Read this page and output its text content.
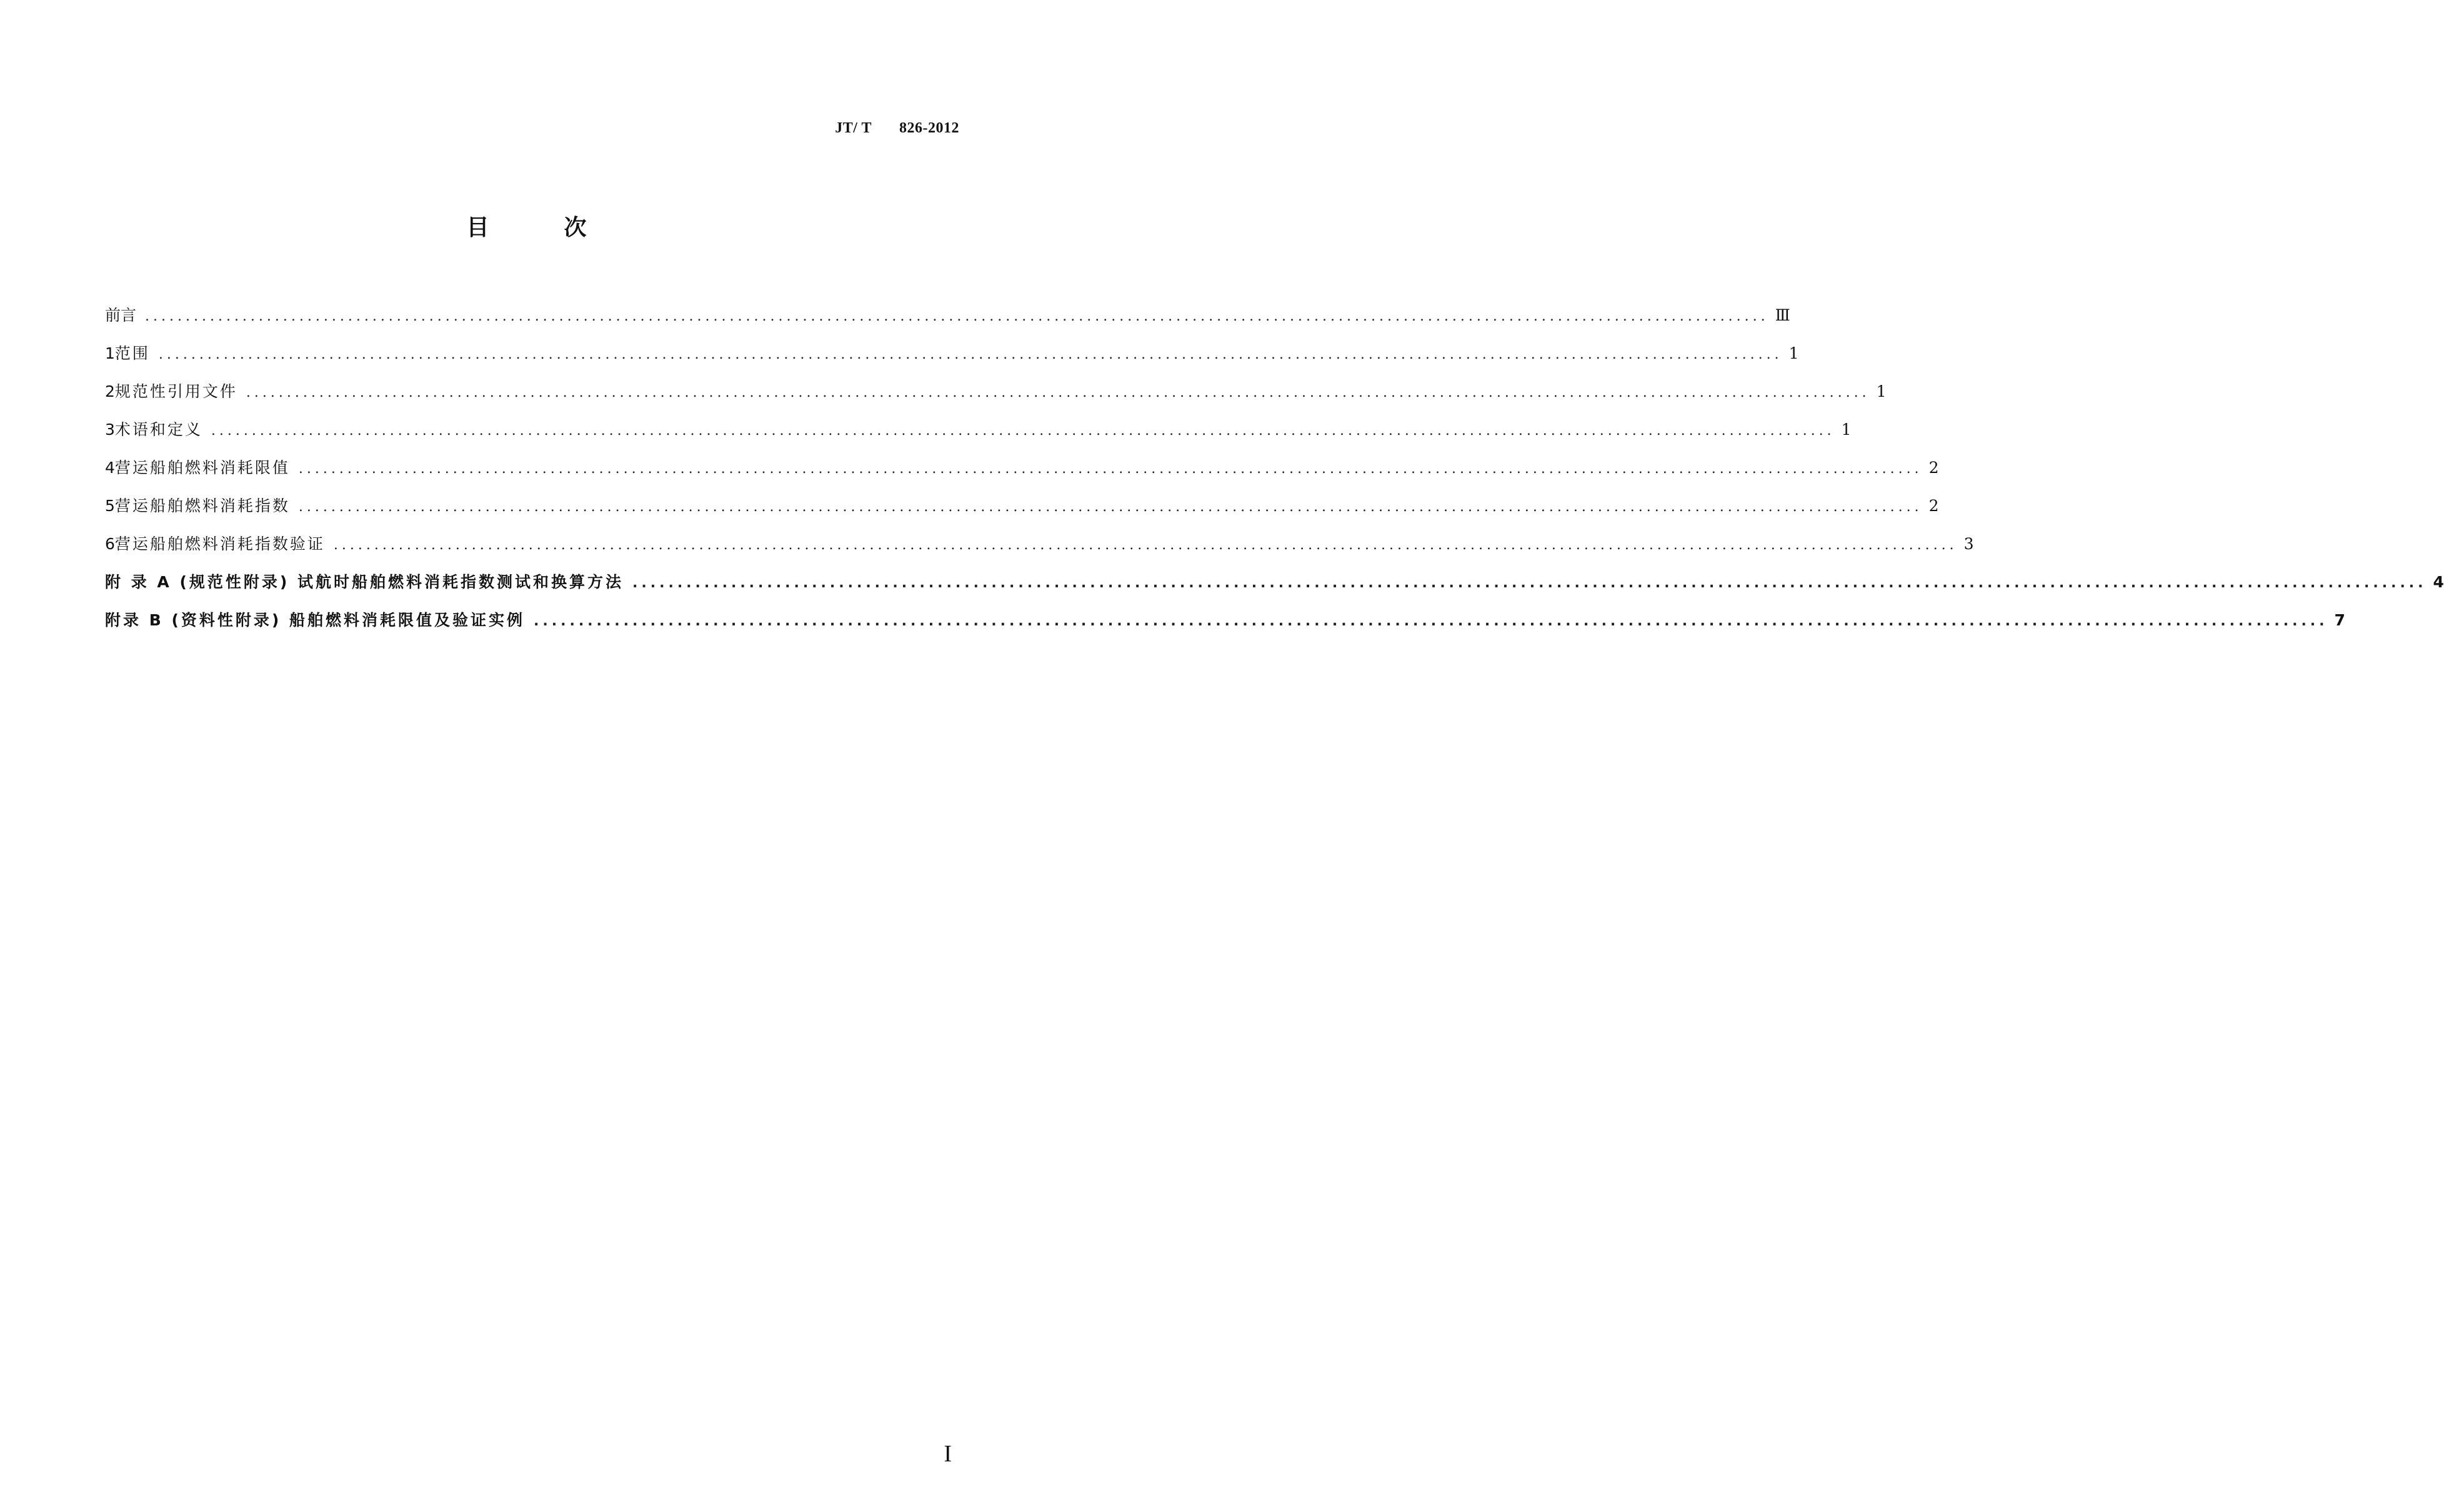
JT/ T 826-2012
目	次
前言 ........................................................................................................................................................................................................ Ⅲ
1 范围 ........................................................................................................................................................................................................ 1
2 规范性引用文件 ........................................................................................................................................................................................................ 1
3 术语和定义 ........................................................................................................................................................................................................ 1
4 营运船舶燃料消耗限值 ........................................................................................................................................................................................................ 2
5 营运船舶燃料消耗指数 ........................................................................................................................................................................................................ 2
6 营运船舶燃料消耗指数验证 ........................................................................................................................................................................................................ 3
附 录 A (规范性附录) 试航时船舶燃料消耗指数测试和换算方法 ........................................................................................................................................................................................................ 4
附录 B (资料性附录) 船舶燃料消耗限值及验证实例 ........................................................................................................................................................................................................ 7
I
